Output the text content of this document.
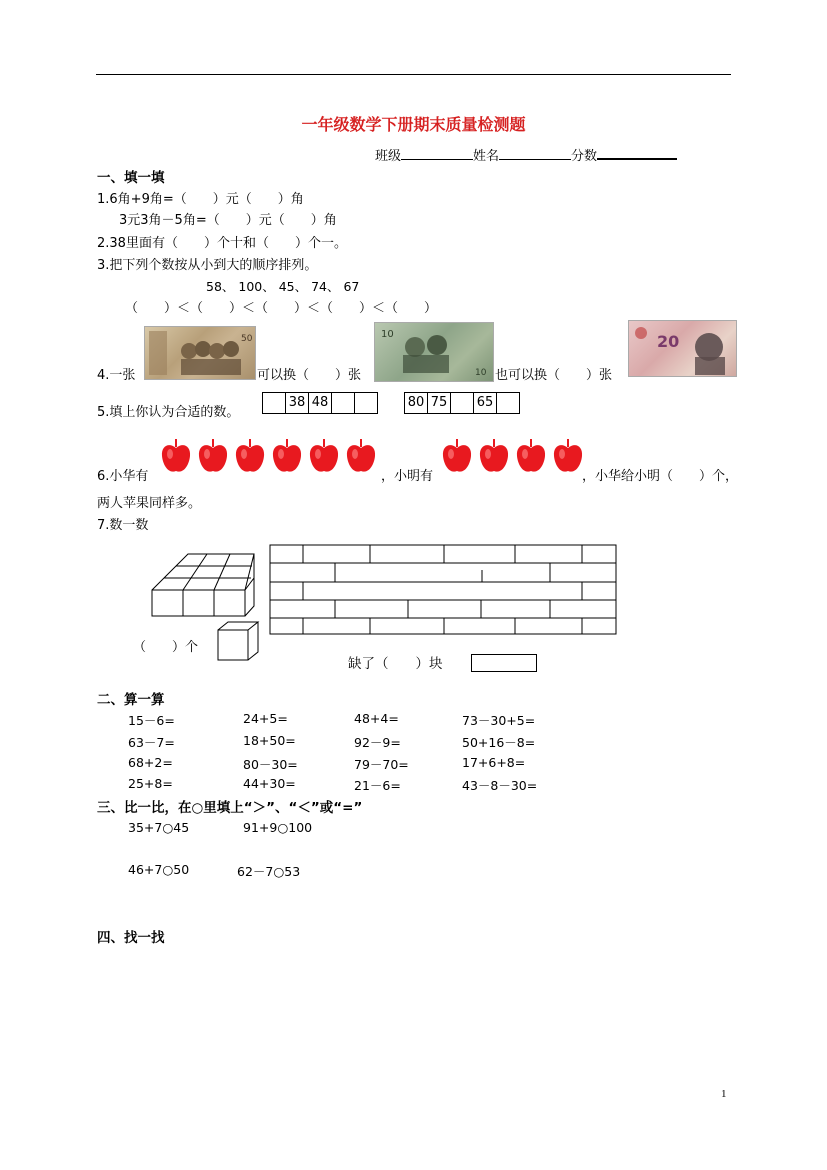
一年级数学下册期末质量检测题
班级	姓名	分数
一、填一填
1.6角+9角=（　　）元（　　）角
3元3角－5角=（　　）元（　　）角
2.38里面有（　　）个十和（　　）个一。
3.把下列个数按从小到大的顺序排列。
58、 100、 45、 74、 67
（　　）＜（　　）＜（　　）＜（　　）＜（　　）
4.一张
50
可以换（　　）张
10
10 也可以换（　　）张
20
5.填上你认为合适的数。
38 48	80 75 65
6.小华有	，小明有	，小华给小明（　　）个，
两人苹果同样多。
7.数一数
（　　）个
缺了（　　）块
二、算一算
15－6=	24+5=	48+4=	73－30+5=
63－7=	18+50=	92－9=	50+16－8=
68+2=	80－30=	79－70=	17+6+8=
25+8=	44+30=	21－6=	43－8－30=
三、比一比，在○里填上“＞”、“＜”或“=”
35+7○45	91+9○100
46+7○50	62－7○53
四、找一找
1
